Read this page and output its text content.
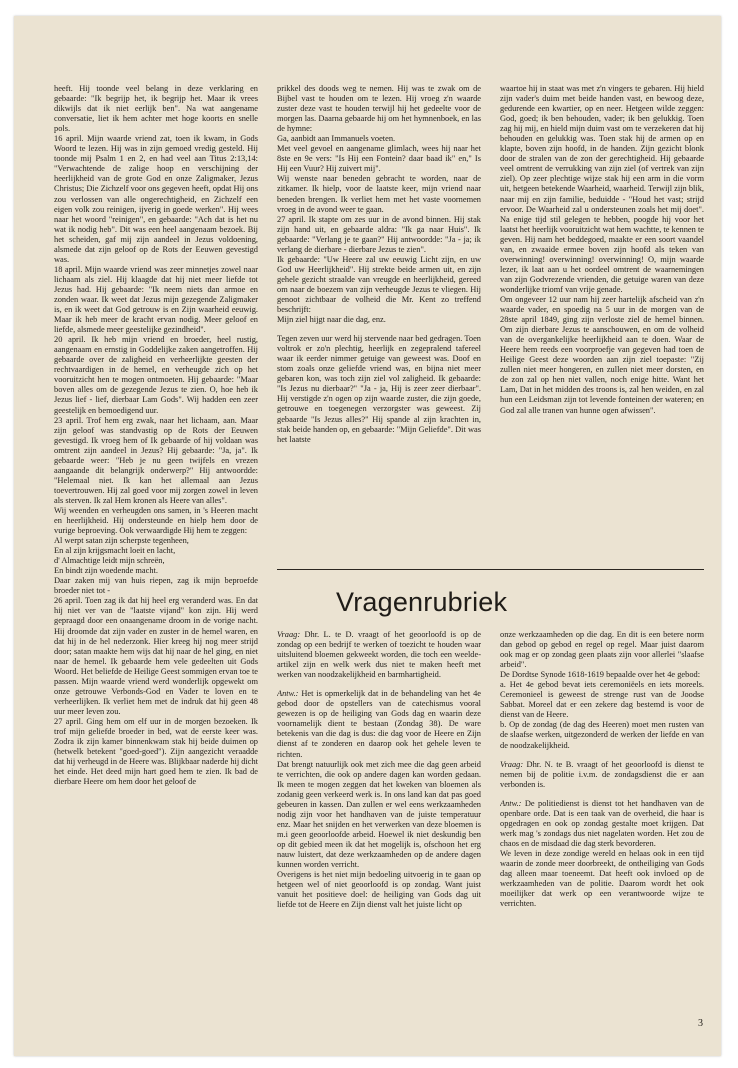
heeft. Hij toonde veel belang in deze verklaring en gebaarde: "Ik begrijp het, ik begrijp het. Maar ik vrees dikwijls dat ik niet eerlijk ben". Na wat aangename conversatie, liet ik hem achter met hoge koorts en snelle pols.

16 april. Mijn waarde vriend zat, toen ik kwam, in Gods Woord te lezen. Hij was in zijn gemoed vredig gesteld. Hij toonde mij Psalm 1 en 2, en had veel aan Titus 2:13,14: "Verwachtende de zalige hoop en verschijning der heerlijkheid van de grote God en onze Zaligmaker, Jezus Christus; Die Zichzelf voor ons gegeven heeft, opdat Hij ons zou verlossen van alle ongerechtigheid, en Zichzelf een eigen volk zou reinigen, ijverig in goede werken". Hij wees naar het woord "reinigen", en gebaarde: "Ach dat is het nu wat ik nodig heb". Dit was een heel aangenaam bezoek. Bij het scheiden, gaf mij zijn aandeel in Jezus voldoening, alsmede dat zijn geloof op de Rots der Eeuwen gevestigd was.

18 april. Mijn waarde vriend was zeer minnetjes zowel naar lichaam als ziel. Hij klaagde dat hij niet meer liefde tot Jezus had. Hij gebaarde: "Ik neem niets dan armoe en zonden waar. Ik weet dat Jezus mijn gezegende Zaligmaker is, en ik weet dat God getrouw is en Zijn waarheid eeuwig. Maar ik heb meer de kracht ervan nodig. Meer geloof en liefde, alsmede meer geestelijke gezindheid".

20 april. Ik heb mijn vriend en broeder, heel rustig, aangenaam en ernstig in Goddelijke zaken aangetroffen. Hij gebaarde over de zaligheid en verheerlijkte geesten der rechtvaardigen in de hemel, en verheugde zich op het vooruitzicht hen te mogen ontmoeten. Hij gebaarde: "Maar boven alles om de gezegende Jezus te zien. O, hoe heb ik Jezus lief - lief, dierbaar Lam Gods". Wij hadden een zeer geestelijk en bemoedigend uur.

23 april. Trof hem erg zwak, naar het lichaam, aan. Maar zijn geloof was standvastig op de Rots der Eeuwen gevestigd. Ik vroeg hem of Ik gebaarde of hij voldaan was omtrent zijn aandeel in Jezus? Hij gebaarde: "Ja, ja". Ik gebaarde weer: "Heb je nu geen twijfels en vrezen aangaande dit belangrijk onderwerp?" Hij antwoordde: "Helemaal niet. Ik kan het allemaal aan Jezus toevertrouwen. Hij zal goed voor mij zorgen zowel in leven als sterven. Ik zal Hem kronen als Heere van alles".

Wij weenden en verheugden ons samen, in 's Heeren macht en heerlijkheid. Hij ondersteunde en hielp hem door de vurige beproeving. Ook verwaardigde Hij hem te zeggen:

Al werpt satan zijn scherpste tegenheen,

En al zijn krijgsmacht loeit en lacht,

d' Almachtige leidt mijn schreën,

En bindt zijn woedende macht.

Daar zaken mij van huis riepen, zag ik mijn beproefde broeder niet tot -

26 april. Toen zag ik dat hij heel erg veranderd was. En dat hij niet ver van de "laatste vijand" kon zijn. Hij werd gepraagd door een onaangename droom in de vorige nacht. Hij droomde dat zijn vader en zuster in de hemel waren, en dat hij in de hel nederzonk. Hier kreeg hij nog meer strijd door; satan maakte hem wijs dat hij naar de hel ging, en niet naar de hemel. Ik gebaarde hem vele gedeelten uit Gods Woord. Het beliefde de Heilige Geest sommigen ervan toe te passen. Mijn waarde vriend werd wonderlijk opgewekt om onze getrouwe Verbonds-God en Vader te loven en te verheerlijken. Ik verliet hem met de indruk dat hij geen 48 uur meer leven zou.

27 april. Ging hem om elf uur in de morgen bezoeken. Ik trof mijn geliefde broeder in bed, wat de eerste keer was. Zodra ik zijn kamer binnenkwam stak hij beide duimen op (hetwelk betekent "goed-goed"). Zijn aangezicht veraadde dat hij verheugd in de Heere was. Blijkbaar naderde hij dicht het einde. Het deed mijn hart goed hem te zien. Ik bad de dierbare Heere om hem door het geloof de

prikkel des doods weg te nemen. Hij was te zwak om de Bijbel vast te houden om te lezen. Hij vroeg z'n waarde zuster deze vast te houden terwijl hij het gedeelte voor de morgen las. Daarna gebaarde hij om het hymnenboek, en las de hymne:

Ga, aanbidt aan Immanuels voeten.

Met veel gevoel en aangename glimlach, wees hij naar het 8ste en 9e vers: "Is Hij een Fontein? daar baad ik" en," Is Hij een Vuur? Hij zuivert mij".

Wij wenste naar beneden gebracht te worden, naar de zitkamer. Ik hielp, voor de laatste keer, mijn vriend naar beneden brengen. Ik verliet hem met het vaste voornemen vroeg in de avond weer te gaan.

27 april. Ik stapte om zes uur in de avond binnen. Hij stak zijn hand uit, en gebaarde aldra: "Ik ga naar Huis". Ik gebaarde: "Verlang je te gaan?" Hij antwoordde: "Ja - ja; ik verlang de dierbare - dierbare Jezus te zien".

Ik gebaarde: "Uw Heere zal uw eeuwig Licht zijn, en uw God uw Heerlijkheid". Hij strekte beide armen uit, en zijn gehele gezicht straalde van vreugde en heerlijkheid, gereed om naar de boezem van zijn verheugde Jezus te vliegen. Hij genoot zichtbaar de volheid die Mr. Kent zo treffend beschrijft:

Mijn ziel hijgt naar die dag, enz.

Tegen zeven uur werd hij stervende naar bed gedragen. Toen voltrok er zo'n plechtig, heerlijk en zegepralend tafereel waar ik eerder nimmer getuige van geweest was. Doof en stom zoals onze geliefde vriend was, en bijna niet meer gebaren kon, was toch zijn ziel vol zaligheid. Ik gebaarde: "Is Jezus nu dierbaar?" "Ja - ja, Hij is zeer zeer dierbaar". Hij verstigde z'n ogen op zijn waarde zuster, die zijn goede, getrouwe en toegenegen verzorgster was geweest. Zij gebaarde "Is Jezus alles?" Hij spande al zijn krachten in, stak beide handen op, en gebaarde: "Mijn Geliefde". Dit was het laatste

waartoe hij in staat was met z'n vingers te gebaren. Hij hield zijn vader's duim met beide handen vast, en bewoog deze, gedurende een kwartier, op en neer. Hetgeen wilde zeggen: God, goed; ik ben behouden, vader; ik ben gelukkig. Toen zag hij mij, en hield mijn duim vast om te verzekeren dat hij behouden en gelukkig was. Toen stak hij de armen op en klapte, boven zijn hoofd, in de handen. Zijn gezicht blonk door de stralen van de zon der gerechtigheid. Hij gebaarde veel omtrent de verrukking van zijn ziel (of vertrek van zijn ziel). Op zeer plechtige wijze stak hij een arm in die vorm uit, hetgeen betekende Waarheid, waarheid. Terwijl zijn blik, naar mij en zijn familie, beduidde - "Houd het vast; strijd ervoor. De Waarheid zal u ondersteunen zoals het mij doet". Na enige tijd stil gelegen te hebben, poogde hij voor het laatst het heerlijk vooruitzicht wat hem wachtte, te kennen te geven. Hij nam het beddegoed, maakte er een soort vaandel van, en zwaaide ermee boven zijn hoofd als teken van overwinning! overwinning! overwinning! O, mijn waarde lezer, ik laat aan u het oordeel omtrent de waarnemingen van zijn Godvrezende vrienden, die getuige waren van deze wonderlijke triomf van vrije genade.

Om ongeveer 12 uur nam hij zeer hartelijk afscheid van z'n waarde vader, en spoedig na 5 uur in de morgen van de 28ste april 1849, ging zijn verloste ziel de hemel binnen. Om zijn dierbare Jezus te aanschouwen, en om de volheid van de overgankelijke heerlijkheid aan te doen. Waar de Heere hem reeds een voorproefje van gegeven had toen de Heilige Geest deze woorden aan zijn ziel toepaste: "Zij zullen niet meer hongeren, en zullen niet meer dorsten, en de zon zal op hen niet vallen, noch enige hitte. Want het Lam, Dat in het midden des troons is, zal hen weiden, en zal hun een Leidsman zijn tot levende fonteinen der wateren; en God zal alle tranen van hunne ogen afwissen".

Vragenrubriek

Vraag: Dhr. L. te D. vraagt of het geoorloofd is op de zondag op een bedrijf te werken of toezicht te houden waar uitsluitend bloemen gekweekt worden, die toch een weelde-artikel zijn en welk werk dus niet te maken heeft met werken van noodzakelijkheid en barmhartigheid.

Antw.: Het is opmerkelijk dat in de behandeling van het 4e gebod door de opstellers van de catechismus vooral gewezen is op de heiliging van Gods dag en waarin deze voornamelijk dient te bestaan (Zondag 38). De ware betekenis van die dag is dus: die dag voor de Heere en Zijn dienst af te zonderen en daarop ook het gehele leven te richten.

Dat brengt natuurlijk ook met zich mee die dag geen arbeid te verrichten, die ook op andere dagen kan worden gedaan. Ik meen te mogen zeggen dat het kweken van bloemen als zodanig geen verkeerd werk is. In ons land kan dat pas goed gebeuren in kassen. Dan zullen er wel eens werkzaamheden nodig zijn voor het handhaven van de juiste temperatuur enz. Maar het snijden en het verwerken van deze bloemen is m.i geen geoorloofde arbeid. Hoewel ik niet deskundig ben op dit gebied meen ik dat het mogelijk is, ofschoon het erg nauw luistert, dat deze werkzaamheden op de andere dagen kunnen worden verricht.

Overigens is het niet mijn bedoeling uitvoerig in te gaan op hetgeen wel of niet geoorloofd is op zondag. Want juist vanuit het positieve doel: de heiliging van Gods dag uit liefde tot de Heere en Zijn dienst valt het juiste licht op

onze werkzaamheden op die dag. En dit is een betere norm dan gebod op gebod en regel op regel. Maar juist daarom ook mag er op zondag geen plaats zijn voor allerlei "slaafse arbeid".

De Dordtse Synode 1618-1619 bepaalde over het 4e gebod:

a. Het 4e gebod bevat iets ceremoniëels en iets moreels. Ceremonieel is geweest de strenge rust van de Joodse Sabbat. Moreel dat er een zekere dag bestemd is voor de dienst van de Heere.

b. Op de zondag (de dag des Heeren) moet men rusten van de slaafse werken, uitgezonderd de werken der liefde en van de noodzakelijkheid.

Vraag: Dhr. N. te B. vraagt of het geoorloofd is dienst te nemen bij de politie i.v.m. de zondagsdienst die er aan verbonden is.

Antw.: De politiedienst is dienst tot het handhaven van de openbare orde. Dat is een taak van de overheid, die haar is opgedragen en ook op zondag gestalte moet krijgen. Dat werk mag 's zondags dus niet nagelaten worden. Het zou de chaos en de misdaad die dag sterk bevorderen.

We leven in deze zondige wereld en helaas ook in een tijd waarin de zonde meer doorbreekt, de ontheiliging van Gods dag alleen maar toeneemt. Dat heeft ook invloed op de werkzaamheden van de politie. Daarom wordt het ook moeilijker dat werk op een verantwoorde wijze te verrichten.

3
